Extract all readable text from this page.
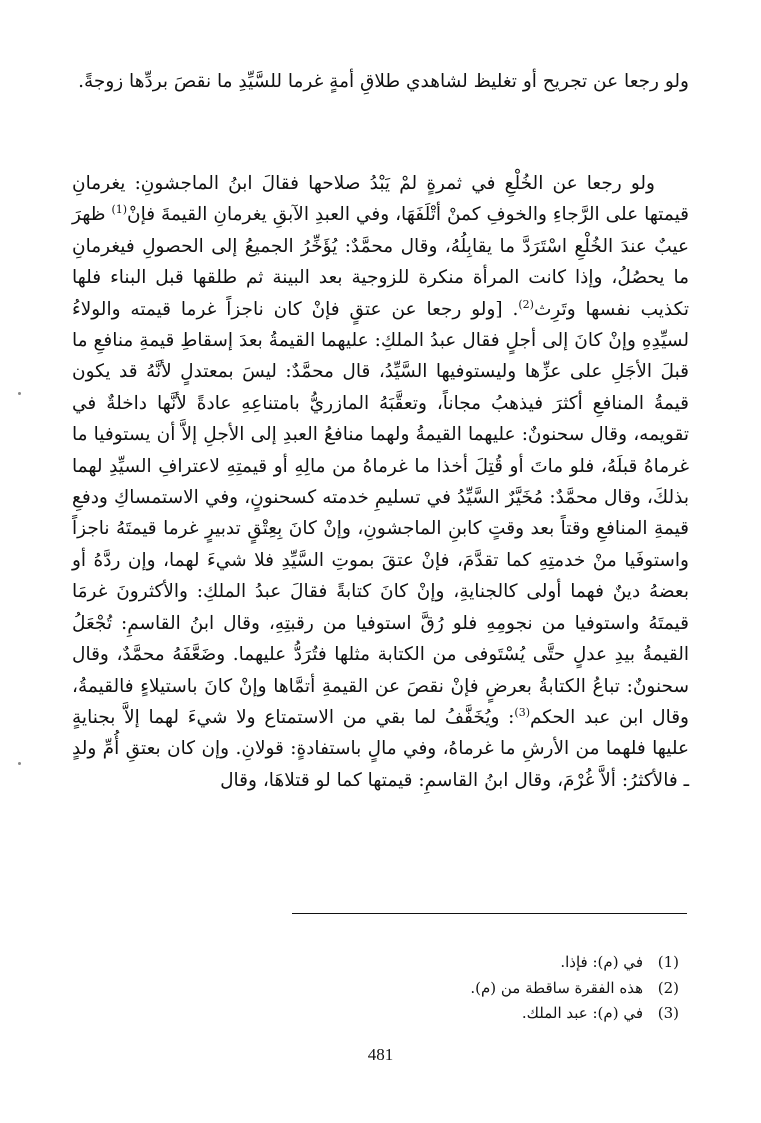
ولو رجعا عن تجريح أو تغليظ لشاهدي طلاقِ أمةٍ غرما للسَّيِّدِ ما نقصَ بردِّها زوجةً.

ولو رجعا عن الخُلْعِ في ثمرةٍ لمْ يَبْدُ صلاحها فقالَ ابنُ الماجشونِ: يغرمانِ قيمتها على الرَّجاءِ والخوفِ كمنْ أتْلَفَهَا، وفي العبدِ الآبقِ يغرمانِ القيمةَ فإنْ$^{(1)}$ ظهرَ عيبٌ عندَ الخُلْعِ اسْتَرَدَّ ما يقابِلُهُ، وقال محمَّدٌ: يُؤَخِّرُ الجميعُ إلى الحصولِ فيغرمانِ ما يحصُلُ، وإذا كانت المرأة منكرة للزوجية بعد البينة ثم طلقها قبل البناء فلها تكذيب نفسها وتَرِث$^{(2)}$. [ولو رجعا عن عتقٍ فإنْ كان ناجزاً غرما قيمته والولاءُ لسيِّدِهِ وإنْ كانَ إلى أجلٍ فقال عبدُ الملكِ: عليهما القيمةُ بعدَ إسقاطِ قيمةِ منافعِ ما قبلَ الأجَلِ على عزِّها وليستوفيها السَّيِّدُ، قال محمَّدٌ: ليسَ بمعتدلٍ لأنَّهُ قد يكون قيمةُ المنافعِ أكثرَ فيذهبُ مجاناً، وتعقَّبَهُ المازريُّ بامتناعِهِ عادةً لأنَّها داخلةٌ في تقويمه، وقال سحنونٌ: عليهما القيمةُ ولهما منافعُ العبدِ إلى الأجلِ إلاَّ أن يستوفيا ما غرماهُ قبلَهُ، فلو ماتَ أو قُتِلَ أخذا ما غرماهُ من مالِهِ أو قيمتِهِ لاعترافِ السيِّدِ لهما بذلكَ، وقال محمَّدٌ: مُخَيَّرٌ السَّيِّدُ في تسليمِ خدمته كسحنونٍ، وفي الاستمساكِ ودفعِ قيمةِ المنافعِ وقتاً بعد وقتٍ كابنِ الماجشونِ، وإنْ كانَ بِعِتْقٍ تدبيرٍ غرما قيمتَهُ ناجزاً واستوفَيا منْ خدمتِهِ كما تقدَّمَ، فإنْ عتقَ بموتِ السَّيِّدِ فلا شيءَ لهما، وإن ردَّهُ أو بعضهُ دينٌ فهما أولى كالجنايةِ، وإنْ كانَ كتابةً فقالَ عبدُ الملكِ: والأكثرونَ غرمَا قيمتَهُ واستوفيا من نجومِهِ فلو رُقَّ استوفيا من رقبتِهِ، وقال ابنُ القاسمِ: تُجْعَلُ القيمةُ بيدِ عدلٍ حتَّى يُسْتَوفى من الكتابة مثلها فتُرَدُّ عليهما. وضَعَّفَهُ محمَّدٌ، وقال سحنونٌ: تباعُ الكتابةُ بعرضٍ فإنْ نقصَ عن القيمةِ أتمَّاها وإنْ كانَ باستيلاءٍ فالقيمةُ، وقال ابن عبد الحكم$^{(3)}$: ويُخَفَّفُ لما بقي من الاستمتاع ولا شيءَ لهما إلاَّ بجنايةٍ عليها فلهما من الأرشِ ما غرماهُ، وفي مالٍ باستفادةٍ: قولانِ. وإن كان بعتقِ أُمِّ ولدٍ ـ فالأكثرُ: ألاَّ غُرْمَ، وقال ابنُ القاسمِ: قيمتها كما لو قتلاهَا، وقال

(1)
في (م): فإذا.
(2)
هذه الفقرة ساقطة من (م).
(3)
في (م): عبد الملك.
481
